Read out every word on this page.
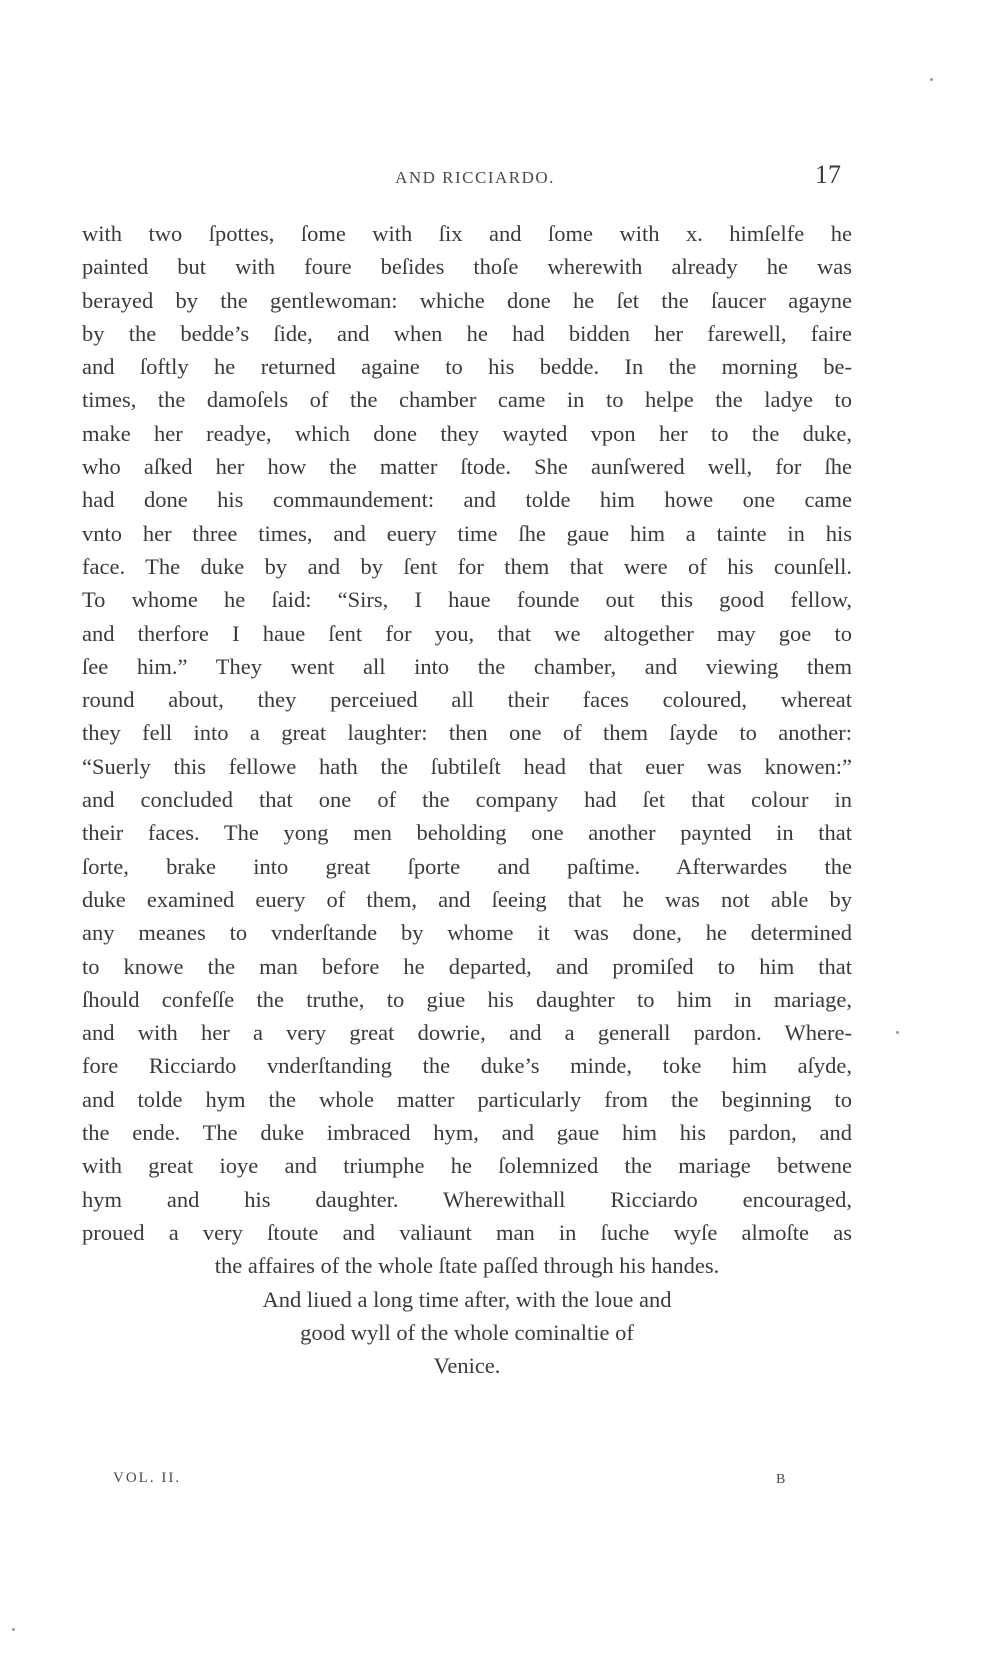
AND RICCIARDO.	17
with two ſpottes, ſome with ſix and ſome with x. himſelfe he
painted but with foure beſides thoſe wherewith already he was
berayed by the gentlewoman: whiche done he ſet the ſaucer agayne
by the bedde’s ſide, and when he had bidden her farewell, faire
and ſoftly he returned againe to his bedde. In the morning be-
times, the damoſels of the chamber came in to helpe the ladye to
make her readye, which done they wayted vpon her to the duke,
who aſked her how the matter ſtode. She aunſwered well, for ſhe
had done his commaundement: and tolde him howe one came
vnto her three times, and euery time ſhe gaue him a tainte in his
face. The duke by and by ſent for them that were of his counſell.
To whome he ſaid: “Sirs, I haue founde out this good fellow,
and therfore I haue ſent for you, that we altogether may goe to
ſee him.” They went all into the chamber, and viewing them
round about, they perceiued all their faces coloured, whereat
they fell into a great laughter: then one of them ſayde to another:
“Suerly this fellowe hath the ſubtileſt head that euer was knowen:”
and concluded that one of the company had ſet that colour in
their faces. The yong men beholding one another paynted in that
ſorte, brake into great ſporte and paſtime. Afterwardes the
duke examined euery of them, and ſeeing that he was not able by
any meanes to vnderſtande by whome it was done, he determined
to knowe the man before he departed, and promiſed to him that
ſhould confeſſe the truthe, to giue his daughter to him in mariage,
and with her a very great dowrie, and a generall pardon. Where-
fore Ricciardo vnderſtanding the duke’s minde, toke him aſyde,
and tolde hym the whole matter particularly from the beginning to
the ende. The duke imbraced hym, and gaue him his pardon, and
with great ioye and triumphe he ſolemnized the mariage betwene
hym and his daughter. Wherewithall Ricciardo encouraged,
proued a very ſtoute and valiaunt man in ſuche wyſe almoſte as
the affaires of the whole ſtate paſſed through his handes.
And liued a long time after, with the loue and
good wyll of the whole cominaltie of
Venice.
VOL. II.	B
